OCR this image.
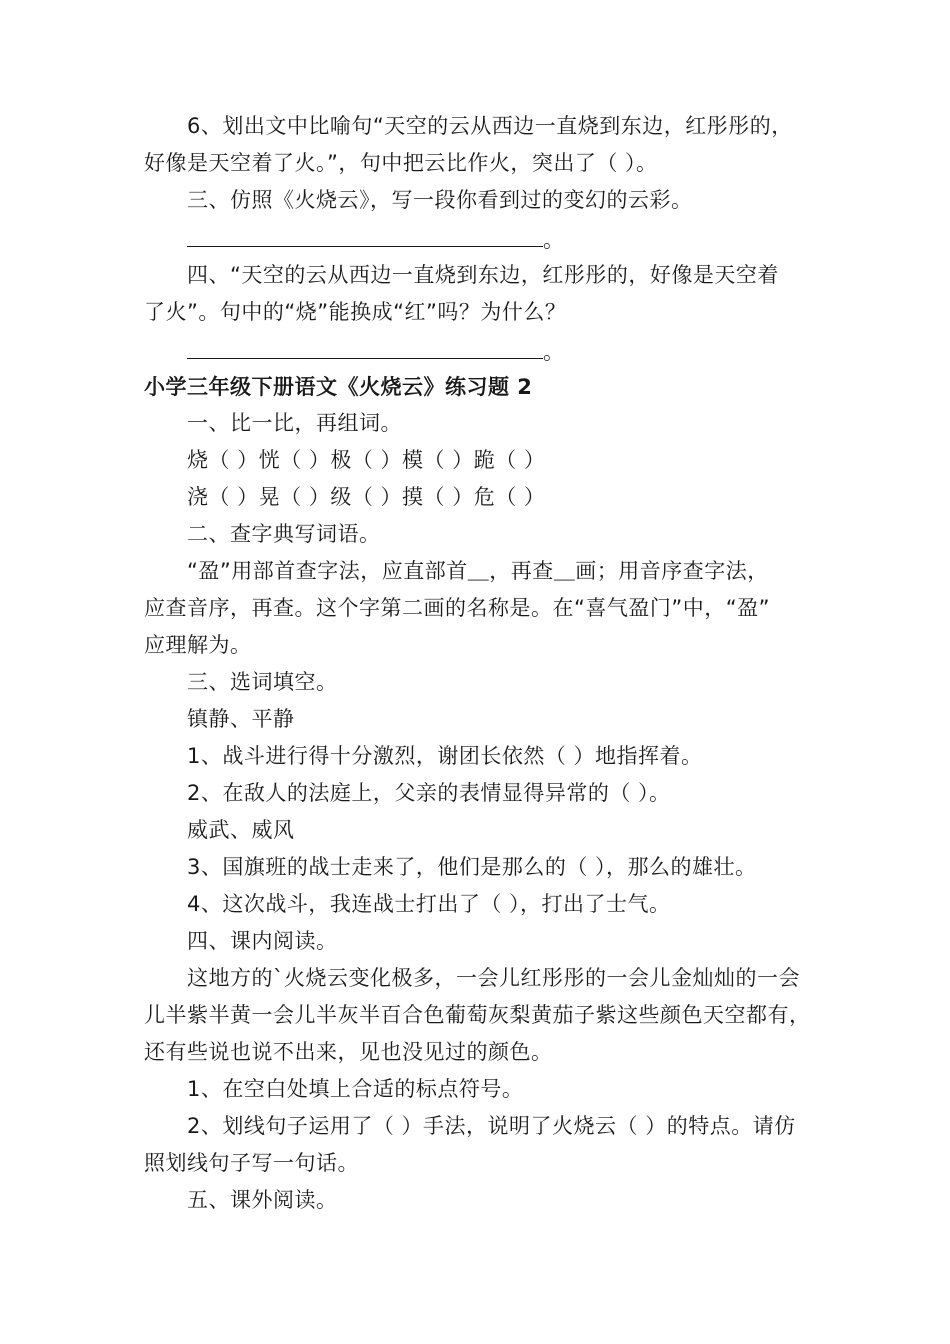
6、划出文中比喻句“天空的云从西边一直烧到东边，红彤彤的，
好像是天空着了火。”，句中把云比作火，突出了（ ）。
三、仿照《火烧云》，写一段你看到过的变幻的云彩。
。
四、“天空的云从西边一直烧到东边，红彤彤的，好像是天空着
了火”。句中的“烧”能换成“红”吗？为什么？
。
小学三年级下册语文《火烧云》练习题 2
一、比一比，再组词。
烧（ ）恍（ ）极（ ）模（ ）跪（ ）
浇（ ）晃（ ）级（ ）摸（ ）危（ ）
二、查字典写词语。
“盈”用部首查字法，应直部首＿，再查＿画；用音序查字法，
应查音序，再查。这个字第二画的名称是。在“喜气盈门”中，“盈”
应理解为。
三、选词填空。
镇静、平静
1、战斗进行得十分激烈，谢团长依然（ ）地指挥着。
2、在敌人的法庭上，父亲的表情显得异常的（ ）。
威武、威风
3、国旗班的战士走来了，他们是那么的（ ），那么的雄壮。
4、这次战斗，我连战士打出了（ ），打出了士气。
四、课内阅读。
这地方的`火烧云变化极多，一会儿红彤彤的一会儿金灿灿的一会
儿半紫半黄一会儿半灰半百合色葡萄灰梨黄茄子紫这些颜色天空都有，
还有些说也说不出来，见也没见过的颜色。
1、在空白处填上合适的标点符号。
2、划线句子运用了（ ）手法，说明了火烧云（ ）的特点。请仿
照划线句子写一句话。
五、课外阅读。
